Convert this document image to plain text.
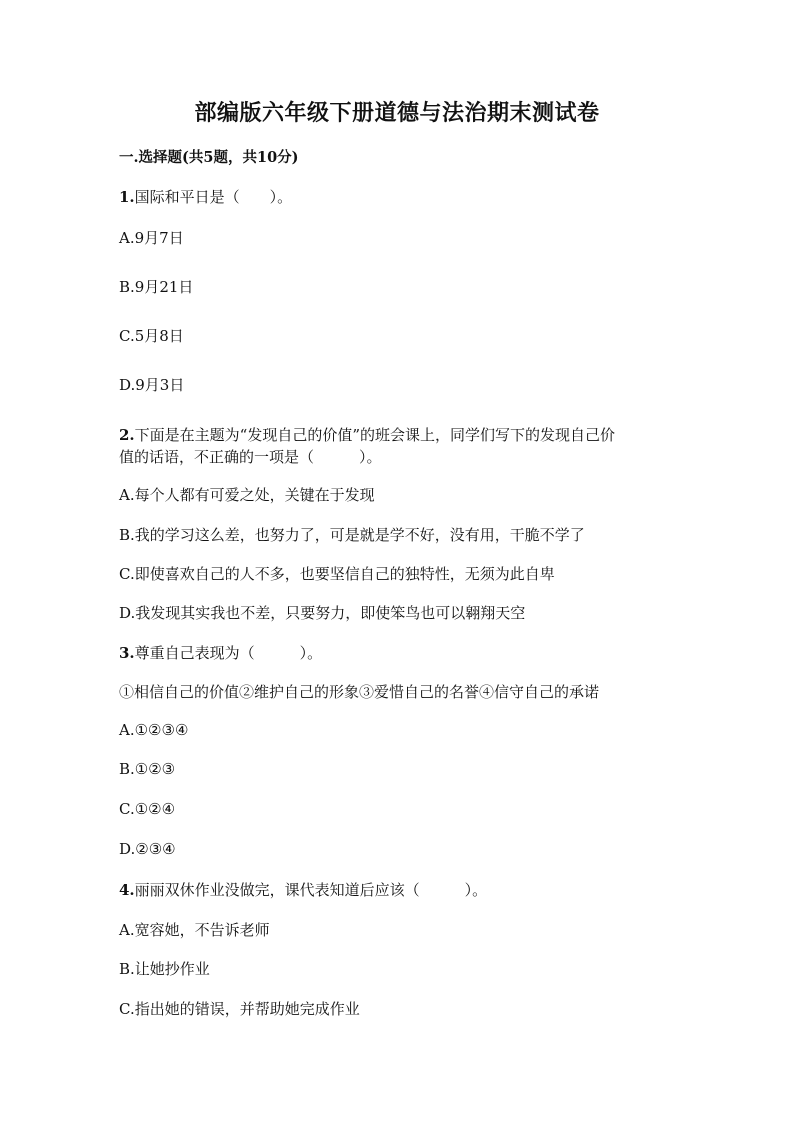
部编版六年级下册道德与法治期末测试卷
一.选择题(共5题，共10分)
1.国际和平日是（　　）。
A.9月7日
B.9月21日
C.5月8日
D.9月3日
2.下面是在主题为“发现自己的价值”的班会课上，同学们写下的发现自己价
值的话语，不正确的一项是（　　　）。
A.每个人都有可爱之处，关键在于发现
B.我的学习这么差，也努力了，可是就是学不好，没有用，干脆不学了
C.即使喜欢自己的人不多，也要坚信自己的独特性，无须为此自卑
D.我发现其实我也不差，只要努力，即使笨鸟也可以翱翔天空
3.尊重自己表现为（　　　）。
①相信自己的价值②维护自己的形象③爱惜自己的名誉④信守自己的承诺
A.①②③④
B.①②③
C.①②④
D.②③④
4.丽丽双休作业没做完，课代表知道后应该（　　　）。
A.宽容她，不告诉老师
B.让她抄作业
C.指出她的错误，并帮助她完成作业
